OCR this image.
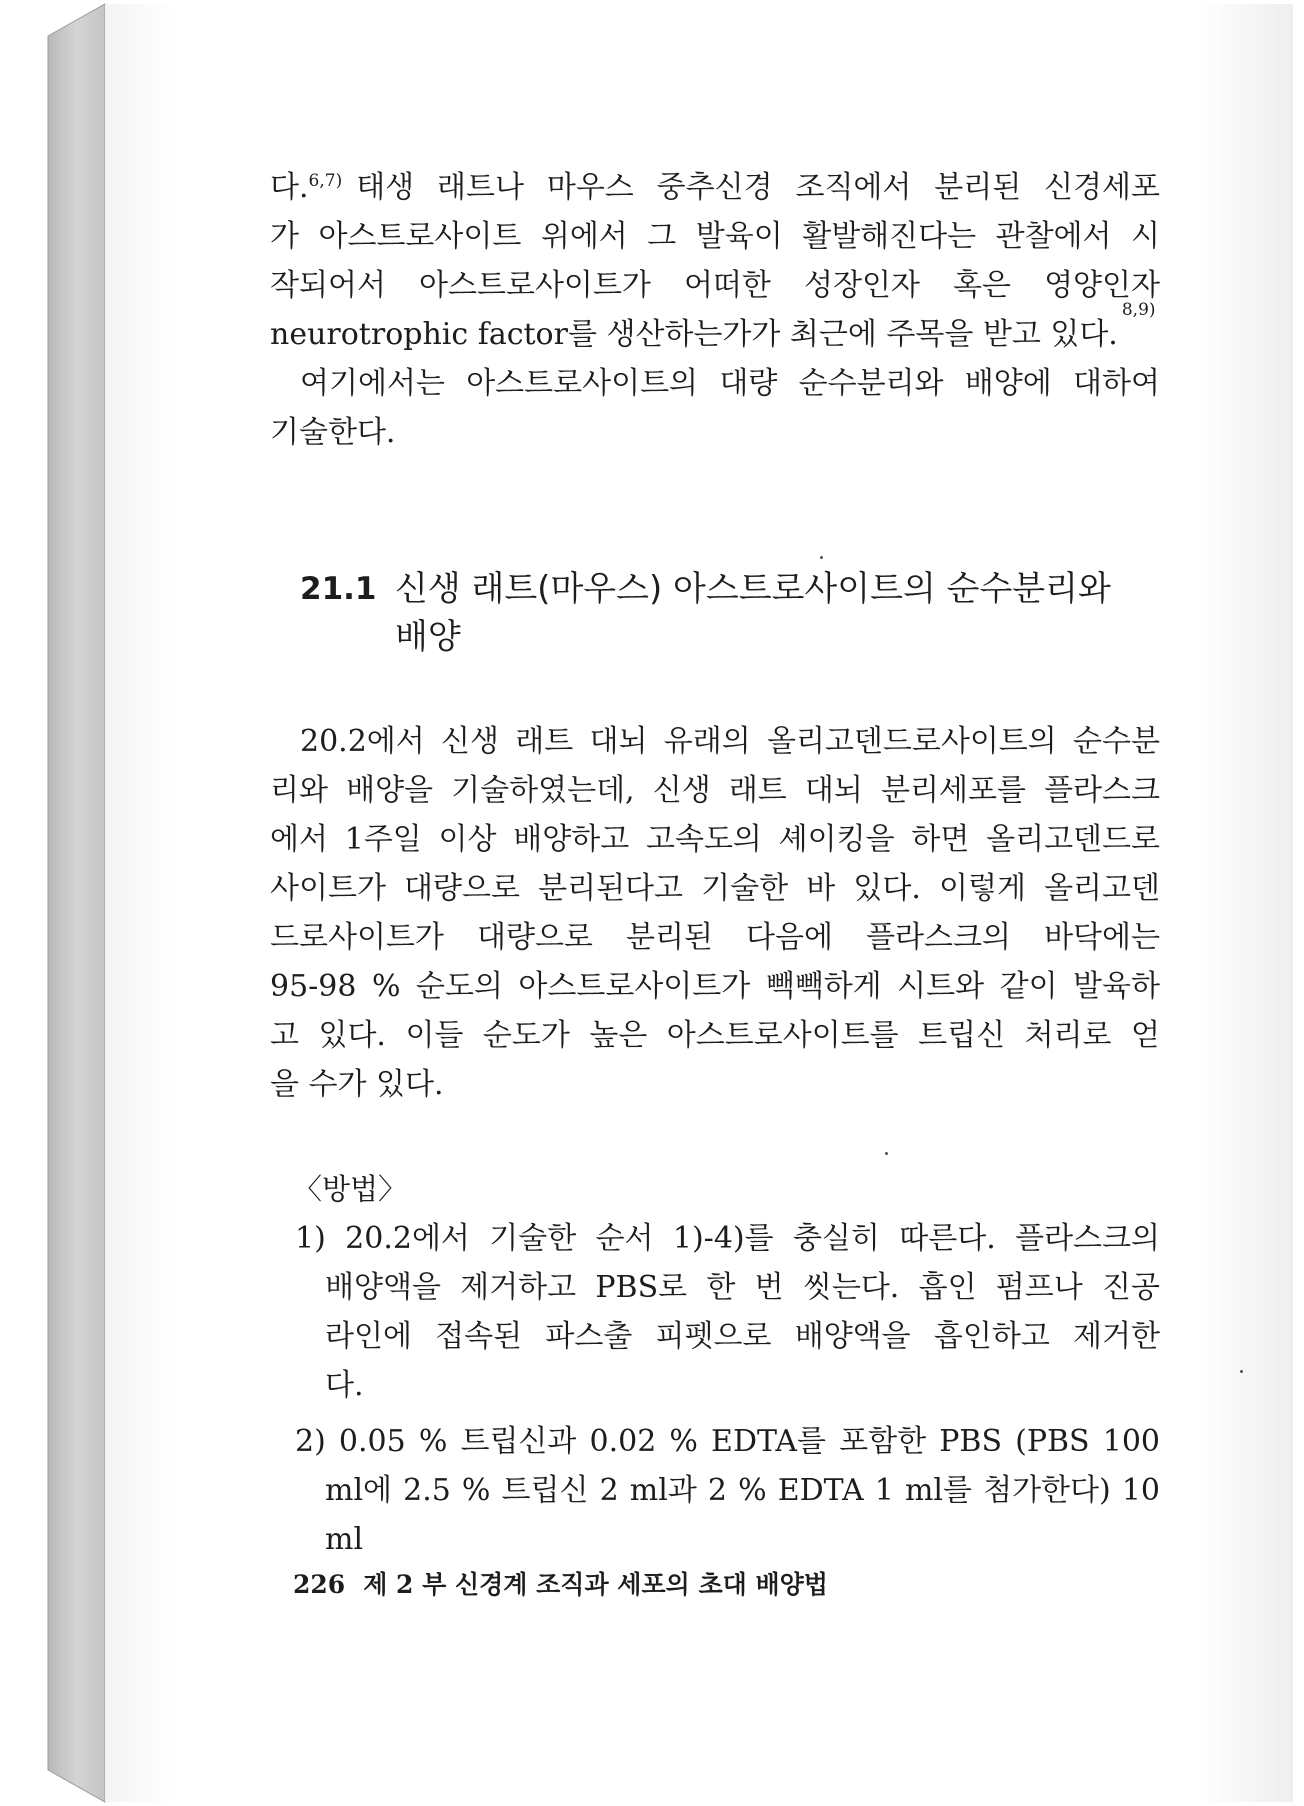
다.$^{6,7)}$ 태생 래트나 마우스 중추신경 조직에서 분리된 신경세포

가 아스트로사이트 위에서 그 발육이 활발해진다는 관찰에서 시

작되어서 아스트로사이트가 어떠한 성장인자 혹은 영양인자

neurotrophic factor를 생산하는가가 최근에 주목을 받고 있다.
8,9)

여기에서는 아스트로사이트의 대량 순수분리와 배양에 대하여

기술한다.

21.1 신생 래트(마우스) 아스트로사이트의 순수분리와
배양

20.2에서 신생 래트 대뇌 유래의 올리고덴드로사이트의 순수분

리와 배양을 기술하였는데, 신생 래트 대뇌 분리세포를 플라스크

에서 1주일 이상 배양하고 고속도의 셰이킹을 하면 올리고덴드로

사이트가 대량으로 분리된다고 기술한 바 있다. 이렇게 올리고덴

드로사이트가 대량으로 분리된 다음에 플라스크의 바닥에는

95-98 % 순도의 아스트로사이트가 빽빽하게 시트와 같이 발육하

고 있다. 이들 순도가 높은 아스트로사이트를 트립신 처리로 얻

을 수가 있다.

〈방법〉

1) 20.2에서 기술한 순서 1)-4)를 충실히 따른다. 플라스크의

배양액을 제거하고 PBS로 한 번 씻는다. 흡인 펌프나 진공

라인에 접속된 파스출 피펫으로 배양액을 흡인하고 제거한

다.

2) 0.05 % 트립신과 0.02 % EDTA를 포함한 PBS (PBS 100

ml에 2.5 % 트립신 2 ml과 2 % EDTA 1 ml를 첨가한다) 10 ml

226 제 2 부 신경계 조직과 세포의 초대 배양법
